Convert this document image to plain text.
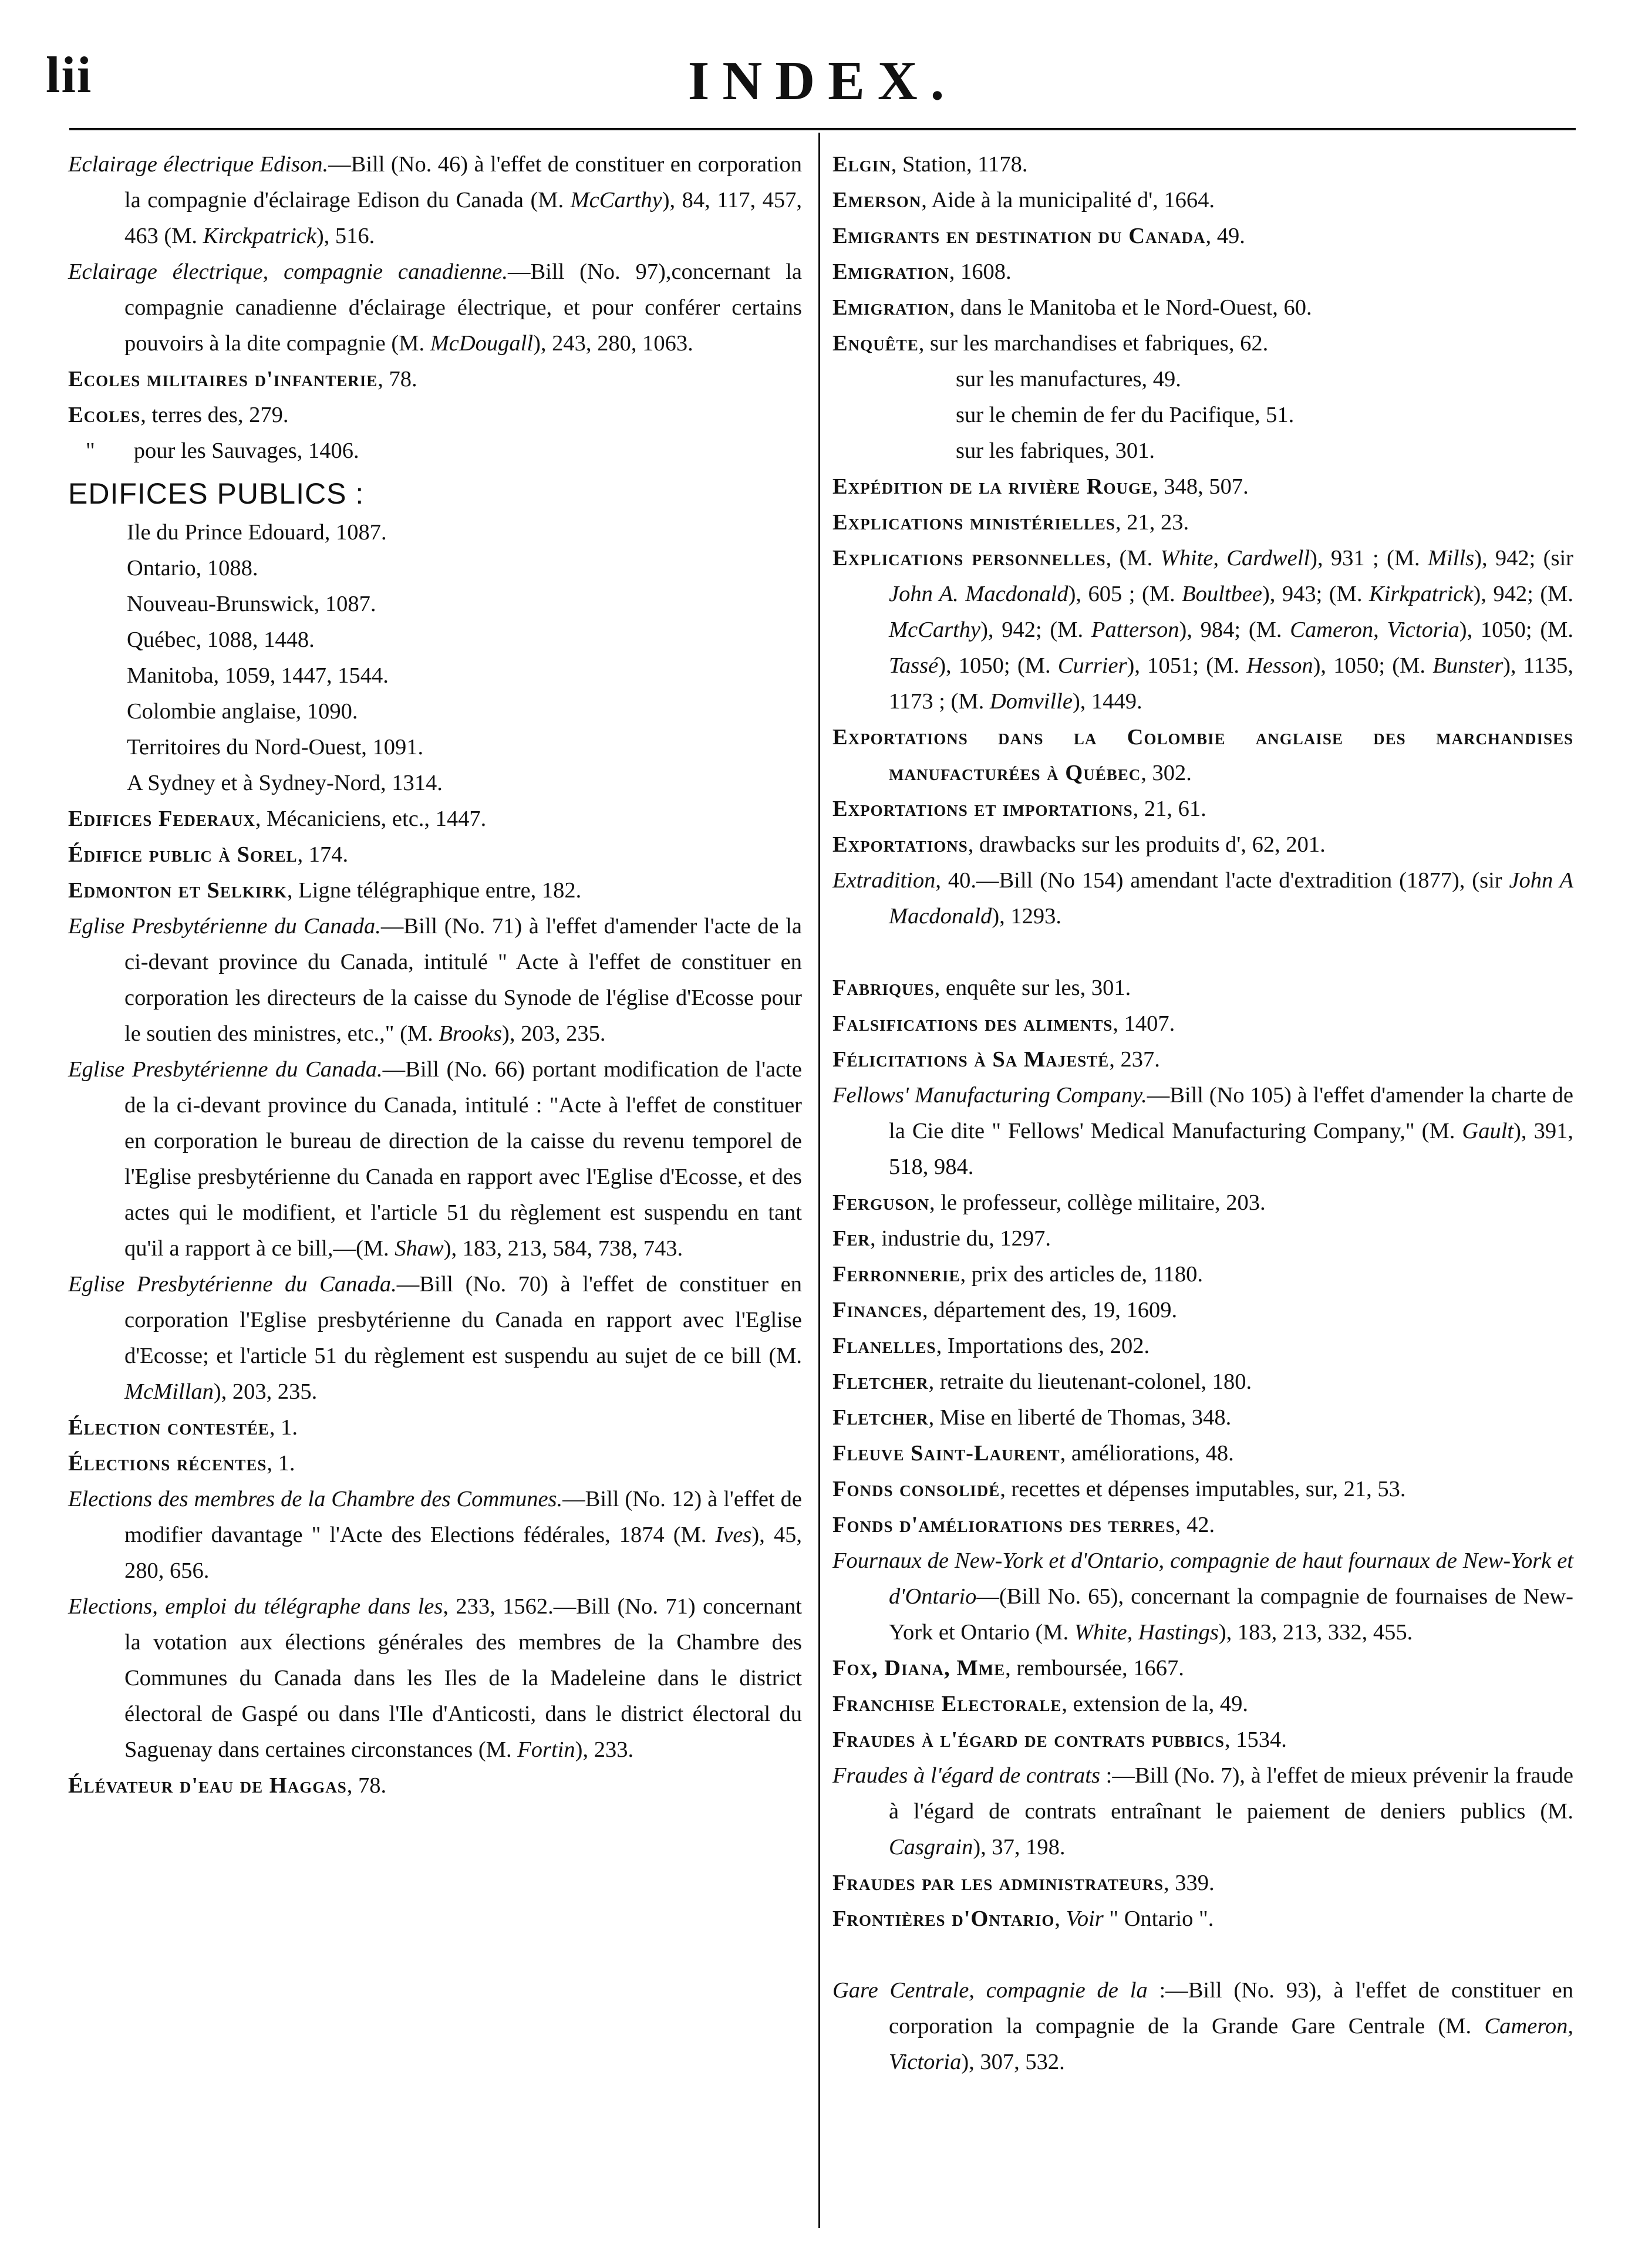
lii	INDEX.

Eclairage électrique Edison.—Bill (No. 46) à l'effet de constituer en corporation la compagnie d'éclairage Edison du Canada (M. McCarthy), 84, 117, 457, 463 (M. Kirckpatrick), 516.

Eclairage électrique, compagnie canadienne.—Bill (No. 97),concernant la compagnie canadienne d'éclairage électrique, et pour conférer certains pouvoirs à la dite compagnie (M. McDougall), 243, 280, 1063.

Ecoles militaires d'infanterie, 78.

Ecoles, terres des, 279.

" pour les Sauvages, 1406.

EDIFICES PUBLICS :

Ile du Prince Edouard, 1087.

Ontario, 1088.

Nouveau-Brunswick, 1087.

Québec, 1088, 1448.

Manitoba, 1059, 1447, 1544.

Colombie anglaise, 1090.

Territoires du Nord-Ouest, 1091.

A Sydney et à Sydney-Nord, 1314.

Edifices Federaux, Mécaniciens, etc., 1447.

Édifice public à Sorel, 174.

Edmonton et Selkirk, Ligne télégraphique entre, 182.

Eglise Presbytérienne du Canada.—Bill (No. 71) à l'effet d'amender l'acte de la ci-devant province du Canada, intitulé " Acte à l'effet de constituer en corporation les directeurs de la caisse du Synode de l'église d'Ecosse pour le soutien des ministres, etc.," (M. Brooks), 203, 235.

Eglise Presbytérienne du Canada.—Bill (No. 66) portant modification de l'acte de la ci-devant province du Canada, intitulé : "Acte à l'effet de constituer en corporation le bureau de direction de la caisse du revenu temporel de l'Eglise presbytérienne du Canada en rapport avec l'Eglise d'Ecosse, et des actes qui le modifient, et l'article 51 du règlement est suspendu en tant qu'il a rapport à ce bill,—(M. Shaw), 183, 213, 584, 738, 743.

Eglise Presbytérienne du Canada.—Bill (No. 70) à l'effet de constituer en corporation l'Eglise presbytérienne du Canada en rapport avec l'Eglise d'Ecosse; et l'article 51 du règlement est suspendu au sujet de ce bill (M. McMillan), 203, 235.

Élection contestée, 1.

Élections récentes, 1.

Elections des membres de la Chambre des Communes.—Bill (No. 12) à l'effet de modifier davantage " l'Acte des Elections fédérales, 1874 (M. Ives), 45, 280, 656.

Elections, emploi du télégraphe dans les, 233, 1562.—Bill (No. 71) concernant la votation aux élections générales des membres de la Chambre des Communes du Canada dans les Iles de la Madeleine dans le district électoral de Gaspé ou dans l'Ile d'Anticosti, dans le district électoral du Saguenay dans certaines circonstances (M. Fortin), 233.

Élévateur d'eau de Haggas, 78.

Elgin, Station, 1178.

Emerson, Aide à la municipalité d', 1664.

Emigrants en destination du Canada, 49.

Emigration, 1608.

Emigration, dans le Manitoba et le Nord-Ouest, 60.

Enquête, sur les marchandises et fabriques, 62.

sur les manufactures, 49.

sur le chemin de fer du Pacifique, 51.

sur les fabriques, 301.

Expédition de la rivière Rouge, 348, 507.

Explications ministérielles, 21, 23.

Explications personnelles, (M. White, Cardwell), 931 ; (M. Mills), 942; (sir John A. Macdonald), 605 ; (M. Boultbee), 943; (M. Kirkpatrick), 942; (M. McCarthy), 942; (M. Patterson), 984; (M. Cameron, Victoria), 1050; (M. Tassé), 1050; (M. Currier), 1051; (M. Hesson), 1050; (M. Bunster), 1135, 1173 ; (M. Domville), 1449.

Exportations dans la Colombie anglaise des marchandises manufacturées à Québec, 302.

Exportations et importations, 21, 61.

Exportations, drawbacks sur les produits d', 62, 201.

Extradition, 40.—Bill (No 154) amendant l'acte d'extradition (1877), (sir John A Macdonald), 1293.

Fabriques, enquête sur les, 301.

Falsifications des aliments, 1407.

Félicitations à Sa Majesté, 237.

Fellows' Manufacturing Company.—Bill (No 105) à l'effet d'amender la charte de la Cie dite " Fellows' Medical Manufacturing Company," (M. Gault), 391, 518, 984.

Ferguson, le professeur, collège militaire, 203.

Fer, industrie du, 1297.

Ferronnerie, prix des articles de, 1180.

Finances, département des, 19, 1609.

Flanelles, Importations des, 202.

Fletcher, retraite du lieutenant-colonel, 180.

Fletcher, Mise en liberté de Thomas, 348.

Fleuve Saint-Laurent, améliorations, 48.

Fonds consolidé, recettes et dépenses imputables, sur, 21, 53.

Fonds d'améliorations des terres, 42.

Fournaux de New-York et d'Ontario, compagnie de haut fournaux de New-York et d'Ontario—(Bill No. 65), concernant la compagnie de fournaises de New-York et Ontario (M. White, Hastings), 183, 213, 332, 455.

Fox, Diana, Mme, remboursée, 1667.

Franchise Electorale, extension de la, 49.

Fraudes à l'égard de contrats pubbics, 1534.

Fraudes à l'égard de contrats :—Bill (No. 7), à l'effet de mieux prévenir la fraude à l'égard de contrats entraînant le paiement de deniers publics (M. Casgrain), 37, 198.

Fraudes par les administrateurs, 339.

Frontières d'Ontario, Voir " Ontario ".

Gare Centrale, compagnie de la :—Bill (No. 93), à l'effet de constituer en corporation la compagnie de la Grande Gare Centrale (M. Cameron, Victoria), 307, 532.
